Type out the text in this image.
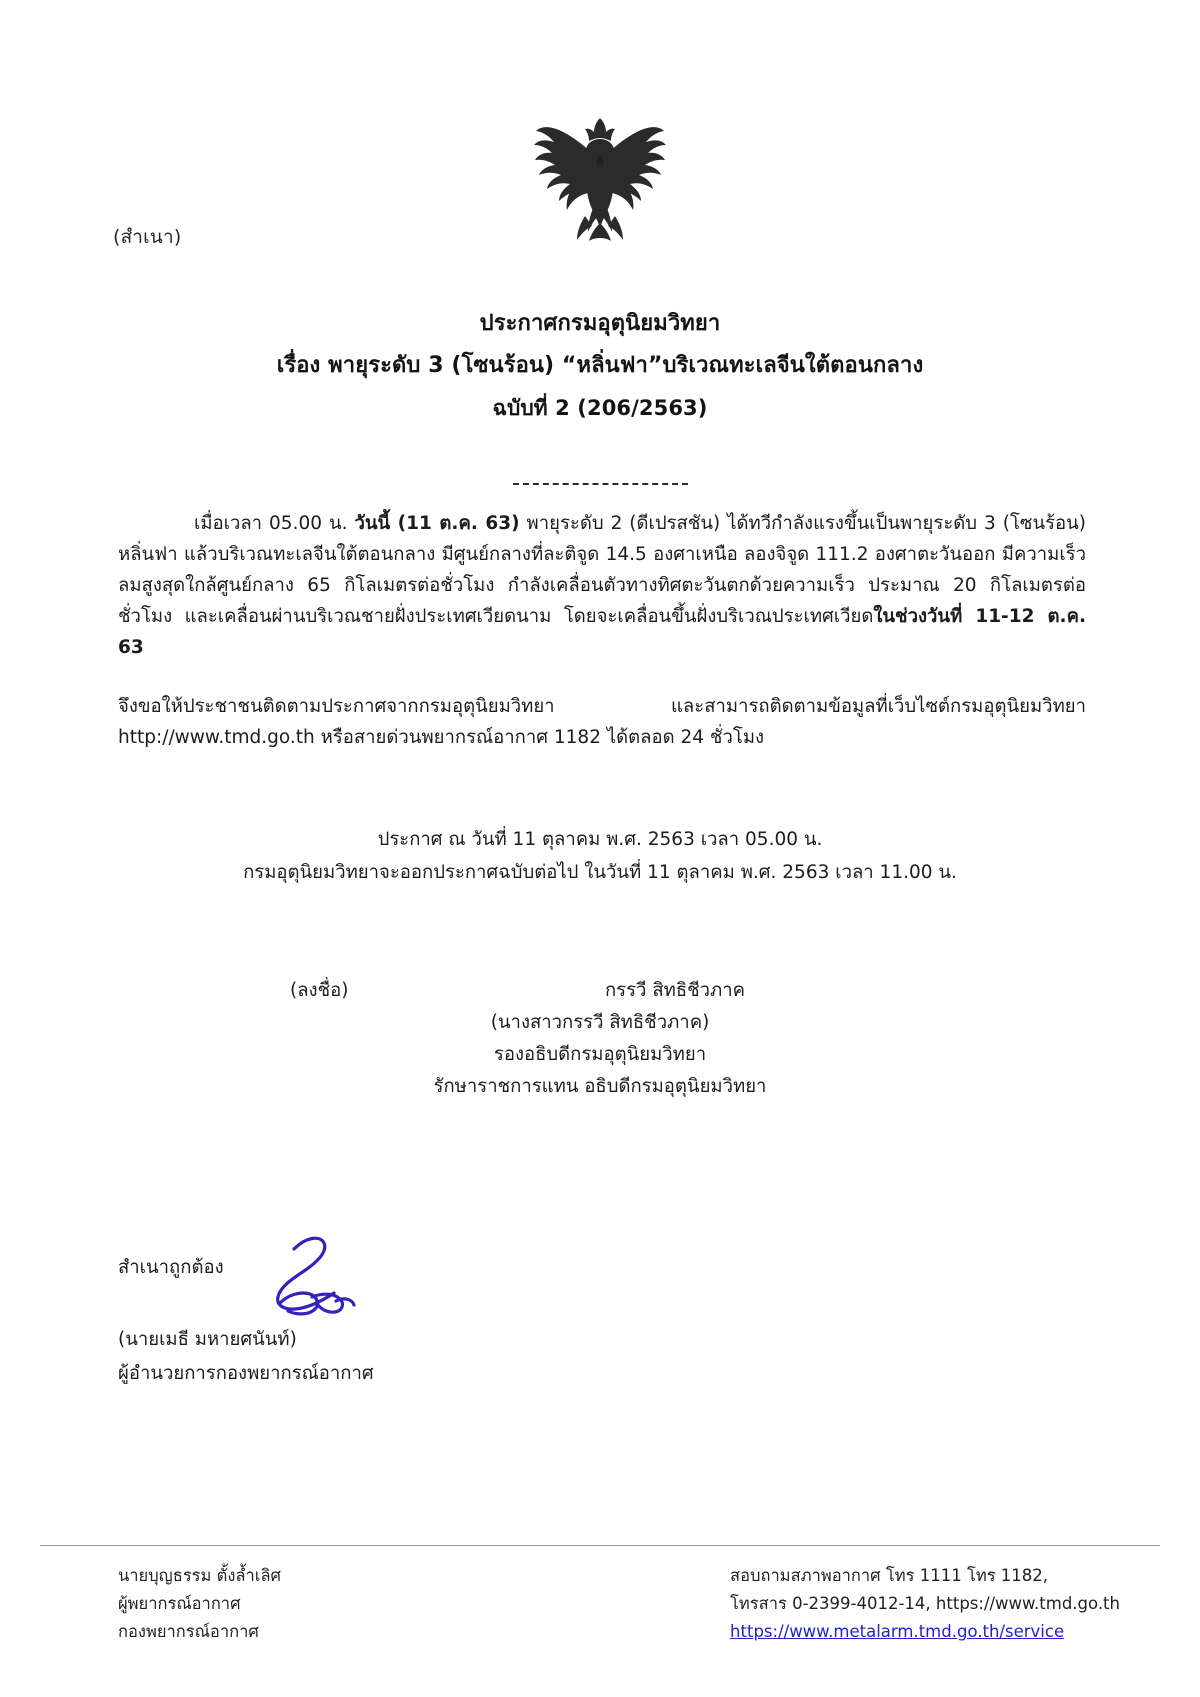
(สำเนา)
ประกาศกรมอุตุนิยมวิทยา
เรื่อง พายุระดับ 3 (โซนร้อน) “หลิ่นฟา”บริเวณทะเลจีนใต้ตอนกลาง
ฉบับที่ 2 (206/2563)

เมื่อเวลา 05.00 น. วันนี้ (11 ต.ค. 63) พายุระดับ 2 (ดีเปรสชัน) ได้ทวีกำลังแรงขึ้นเป็นพายุระดับ 3 (โซนร้อน) หลิ่นฟา แล้วบริเวณทะเลจีนใต้ตอนกลาง มีศูนย์กลางที่ละติจูด 14.5 องศาเหนือ ลองจิจูด 111.2 องศาตะวันออก มีความเร็วลมสูงสุดใกล้ศูนย์กลาง 65 กิโลเมตรต่อชั่วโมง กำลังเคลื่อนตัวทางทิศตะวันตกด้วยความเร็ว ประมาณ 20 กิโลเมตรต่อชั่วโมง และเคลื่อนผ่านบริเวณชายฝั่งประเทศเวียดนาม โดยจะเคลื่อนขึ้นฝั่งบริเวณประเทศเวียดในช่วงวันที่ 11-12 ต.ค. 63

จึงขอให้ประชาชนติดตามประกาศจากกรมอุตุนิยมวิทยา และสามารถติดตามข้อมูลที่เว็บไซต์กรมอุตุนิยมวิทยา http://www.tmd.go.th หรือสายด่วนพยากรณ์อากาศ 1182 ได้ตลอด 24 ชั่วโมง

ประกาศ ณ วันที่ 11 ตุลาคม พ.ศ. 2563 เวลา 05.00 น.
กรมอุตุนิยมวิทยาจะออกประกาศฉบับต่อไป ในวันที่ 11 ตุลาคม พ.ศ. 2563 เวลา 11.00 น.
(ลงชื่อ)	กรรวี สิทธิชีวภาค
(นางสาวกรรวี สิทธิชีวภาค)
รองอธิบดีกรมอุตุนิยมวิทยา
รักษาราชการแทน อธิบดีกรมอุตุนิยมวิทยา
สำเนาถูกต้อง
(นายเมธี มหายศนันท์)
ผู้อำนวยการกองพยากรณ์อากาศ
นายบุญธรรม ตั้งล้ำเลิศ
ผู้พยากรณ์อากาศ
กองพยากรณ์อากาศ
สอบถามสภาพอากาศ โทร 1111 โทร 1182,
โทรสาร 0-2399-4012-14, https://www.tmd.go.th
https://www.metalarm.tmd.go.th/service
